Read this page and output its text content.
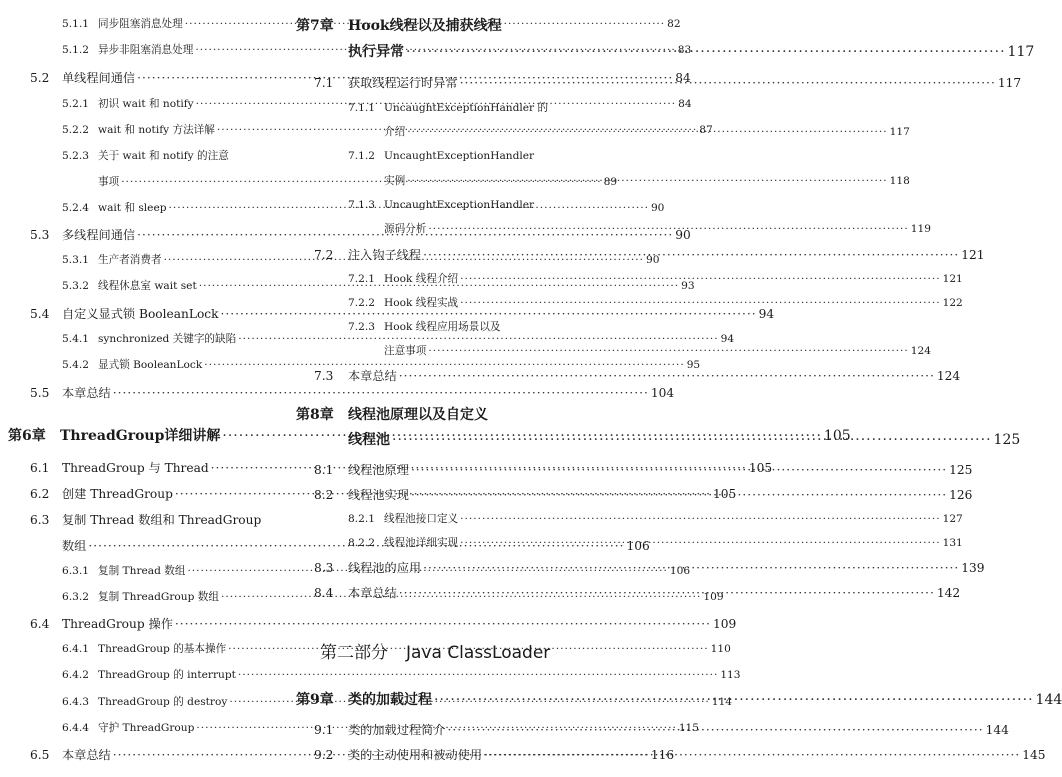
5.1.1 同步阻塞消息处理 ·····	82
5.1.2 异步非阻塞消息处理 ·····	83
5.2 单线程间通信 ·····	84
5.2.1 初识 wait 和 notify ·····	84
5.2.2 wait 和 notify 方法详解 ·····	87
5.2.3 关于 wait 和 notify 的注意
事项 ·····	89
5.2.4 wait 和 sleep ·····	90
5.3 多线程间通信 ·····	90
5.3.1 生产者消费者 ·····	90
5.3.2 线程休息室 wait set ·····	93
5.4 自定义显式锁 BooleanLock ·····	94
5.4.1 synchronized 关键字的缺陷 ·····	94
5.4.2 显式锁 BooleanLock ·····	95
5.5 本章总结 ·····	104
第6章 ThreadGroup详细讲解 ·····	105
6.1 ThreadGroup 与 Thread ·····	105
6.2 创建 ThreadGroup ·····	105
6.3 复制 Thread 数组和 ThreadGroup
数组 ·····	106
6.3.1 复制 Thread 数组 ·····	106
6.3.2 复制 ThreadGroup 数组 ·····	109
6.4 ThreadGroup 操作 ·····	109
6.4.1 ThreadGroup 的基本操作 ·····	110
6.4.2 ThreadGroup 的 interrupt ·····	113
6.4.3 ThreadGroup 的 destroy ·····	114
6.4.4 守护 ThreadGroup ·····	115
6.5 本章总结 ·····	116
第7章 Hook线程以及捕获线程
执行异常 ·····	117
7.1 获取线程运行时异常 ·····	117
7.1.1 UncaughtExceptionHandler 的
介绍 ·····	117
7.1.2 UncaughtExceptionHandler
实例 ·····	118
7.1.3 UncaughtExceptionHandler
源码分析 ·····	119
7.2 注入钩子线程 ·····	121
7.2.1 Hook 线程介绍 ·····	121
7.2.2 Hook 线程实战 ·····	122
7.2.3 Hook 线程应用场景以及
注意事项 ·····	124
7.3 本章总结 ·····	124
第8章 线程池原理以及自定义
线程池 ·····	125
8.1 线程池原理 ·····	125
8.2 线程池实现 ·····	126
8.2.1 线程池接口定义 ·····	127
8.2.2 线程池详细实现 ·····	131
8.3 线程池的应用 ·····	139
8.4 本章总结 ·····	142
第二部分 Java ClassLoader
第9章 类的加载过程 ·····	144
9.1 类的加载过程简介 ·····	144
9.2 类的主动使用和被动使用 ·····	145
